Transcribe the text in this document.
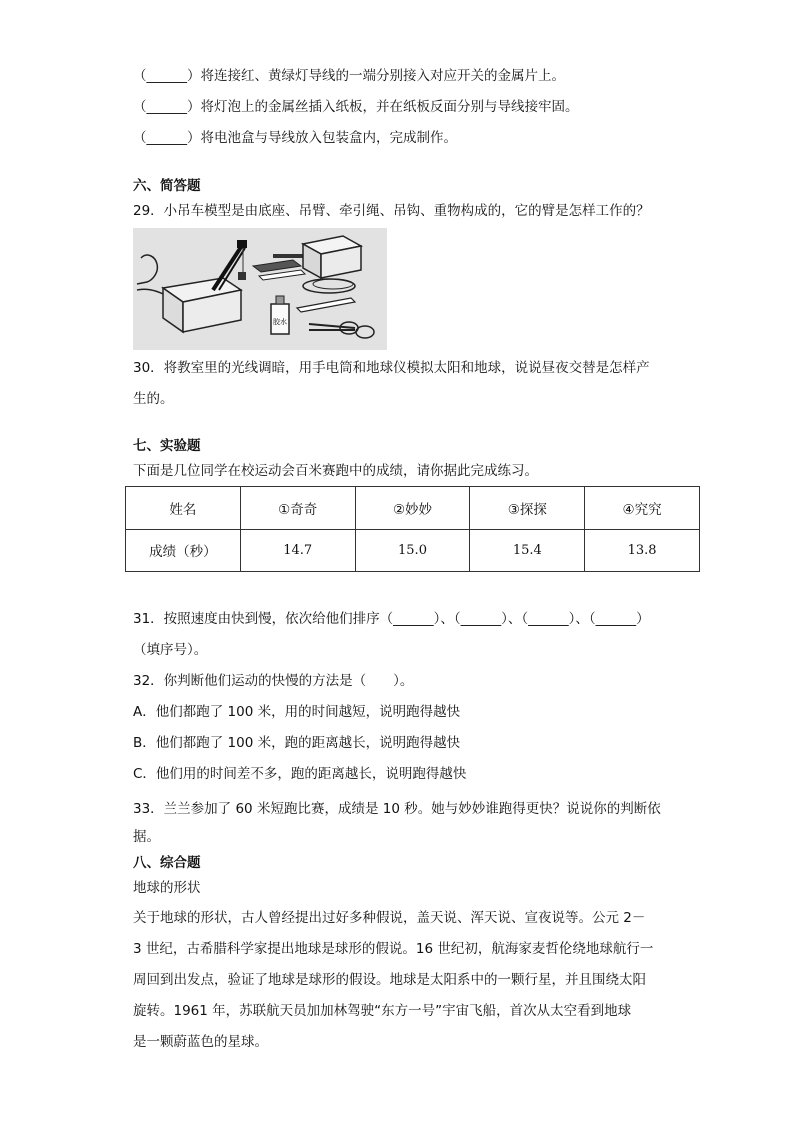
（______）将连接红、黄绿灯导线的一端分别接入对应开关的金属片上。
（______）将灯泡上的金属丝插入纸板，并在纸板反面分别与导线接牢固。
（______）将电池盒与导线放入包装盒内，完成制作。
六、简答题
29．小吊车模型是由底座、吊臂、牵引绳、吊钩、重物构成的，它的臂是怎样工作的？
胶水
30．将教室里的光线调暗，用手电筒和地球仪模拟太阳和地球，说说昼夜交替是怎样产
生的。
七、实验题
下面是几位同学在校运动会百米赛跑中的成绩，请你据此完成练习。
姓名	①奇奇	②妙妙	③探探	④究究
成绩（秒）	14.7	15.0	15.4	13.8
31．按照速度由快到慢，依次给他们排序（______）、（______）、（______）、（______）
（填序号）。
32．你判断他们运动的快慢的方法是（　　）。
A．他们都跑了 100 米，用的时间越短，说明跑得越快
B．他们都跑了 100 米，跑的距离越长，说明跑得越快
C．他们用的时间差不多，跑的距离越长，说明跑得越快
33．兰兰参加了 60 米短跑比赛，成绩是 10 秒。她与妙妙谁跑得更快？说说你的判断依
据。
八、综合题
地球的形状
关于地球的形状，古人曾经提出过好多种假说，盖天说、浑天说、宣夜说等。公元 2－
3 世纪，古希腊科学家提出地球是球形的假说。16 世纪初，航海家麦哲伦绕地球航行一
周回到出发点，验证了地球是球形的假设。地球是太阳系中的一颗行星，并且围绕太阳
旋转。1961 年，苏联航天员加加林驾驶“东方一号”宇宙飞船，首次从太空看到地球
是一颗蔚蓝色的星球。
